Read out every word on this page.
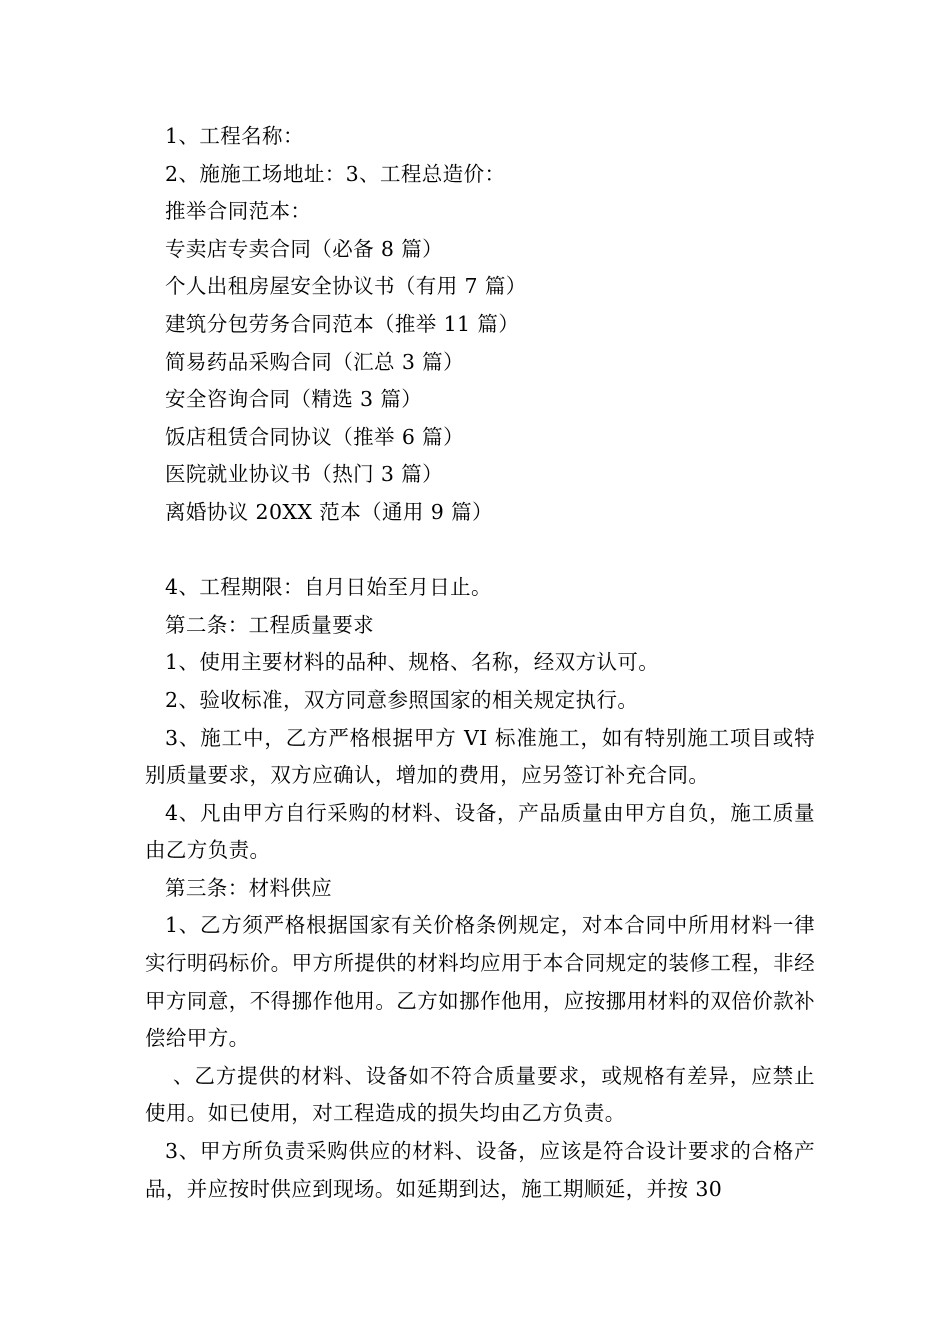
1、工程名称：
2、施施工场地址：3、工程总造价：
推举合同范本：
专卖店专卖合同（必备 8 篇）
个人出租房屋安全协议书（有用 7 篇）
建筑分包劳务合同范本（推举 11 篇）
简易药品采购合同（汇总 3 篇）
安全咨询合同（精选 3 篇）
饭店租赁合同协议（推举 6 篇）
医院就业协议书（热门 3 篇）
离婚协议 20XX 范本（通用 9 篇）
4、工程期限：自月日始至月日止。
第二条：工程质量要求
1、使用主要材料的品种、规格、名称，经双方认可。
2、验收标准，双方同意参照国家的相关规定执行。
3、施工中，乙方严格根据甲方 VI 标准施工，如有特别施工项目或特别质量要求，双方应确认，增加的费用，应另签订补充合同。
4、凡由甲方自行采购的材料、设备，产品质量由甲方自负，施工质量由乙方负责。
第三条：材料供应
1、乙方须严格根据国家有关价格条例规定，对本合同中所用材料一律实行明码标价。甲方所提供的材料均应用于本合同规定的装修工程，非经甲方同意，不得挪作他用。乙方如挪作他用，应按挪用材料的双倍价款补偿给甲方。
、乙方提供的材料、设备如不符合质量要求，或规格有差异，应禁止使用。如已使用，对工程造成的损失均由乙方负责。
3、甲方所负责采购供应的材料、设备，应该是符合设计要求的合格产品，并应按时供应到现场。如延期到达，施工期顺延，并按 30
